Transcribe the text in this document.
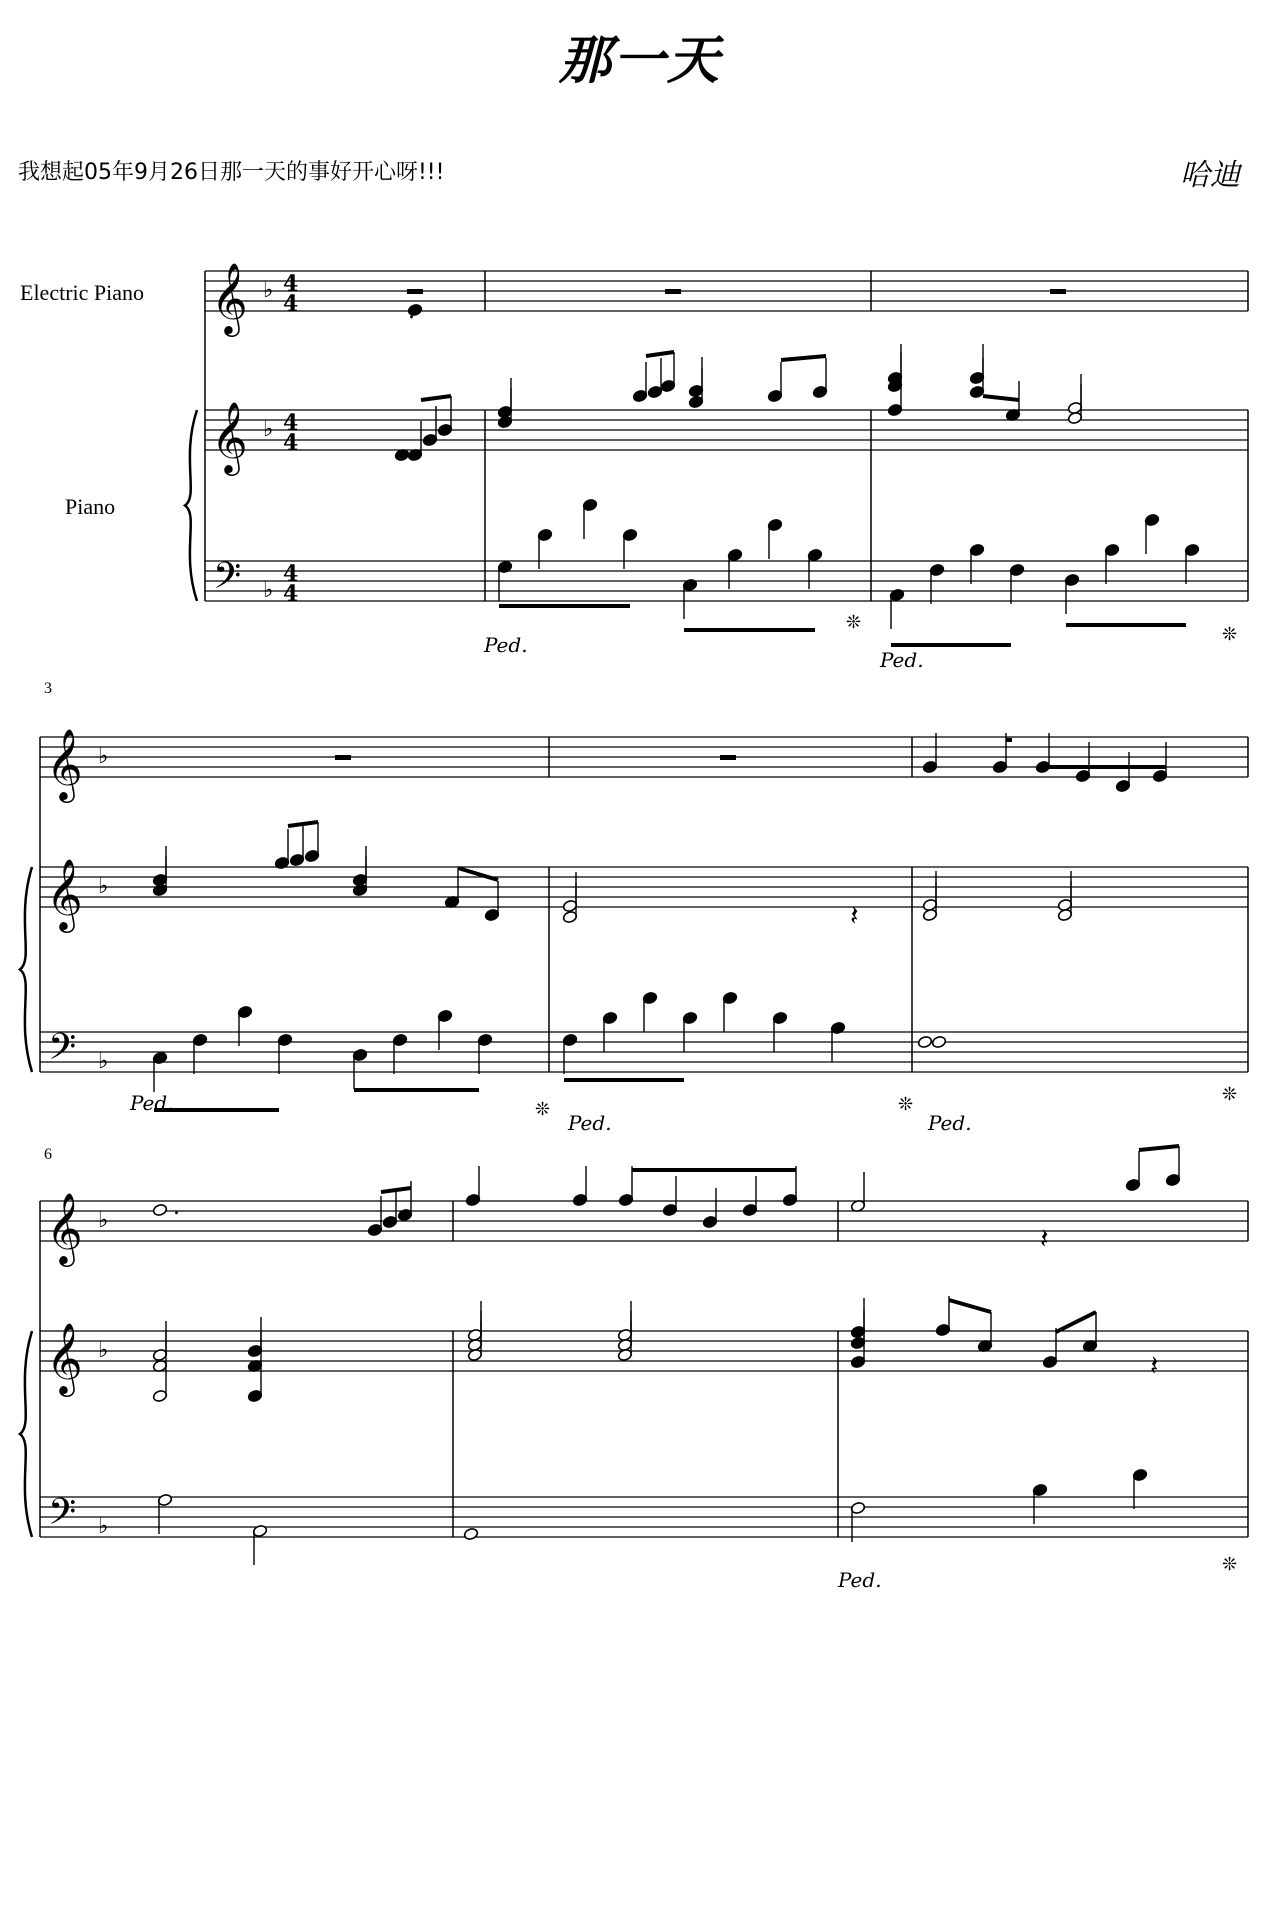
那一天
我想起05年9月26日那一天的事好开心呀!!!	哈迪
Electric Piano
Piano
3
6
𝄞 ♭ 4
4
𝄞 ♭ 4
4
𝄢 ♭
4
4
𝄞 ♭
𝄞 ♭
𝄢 ♭
𝄞 ♭
𝄞 ♭
𝄢 ♭
𝄽
.
𝄽
𝄽
.
Ped.
❊
Ped.
❊
Ped.	❊
Ped.
❊
Ped.
❊
Ped.
❊
